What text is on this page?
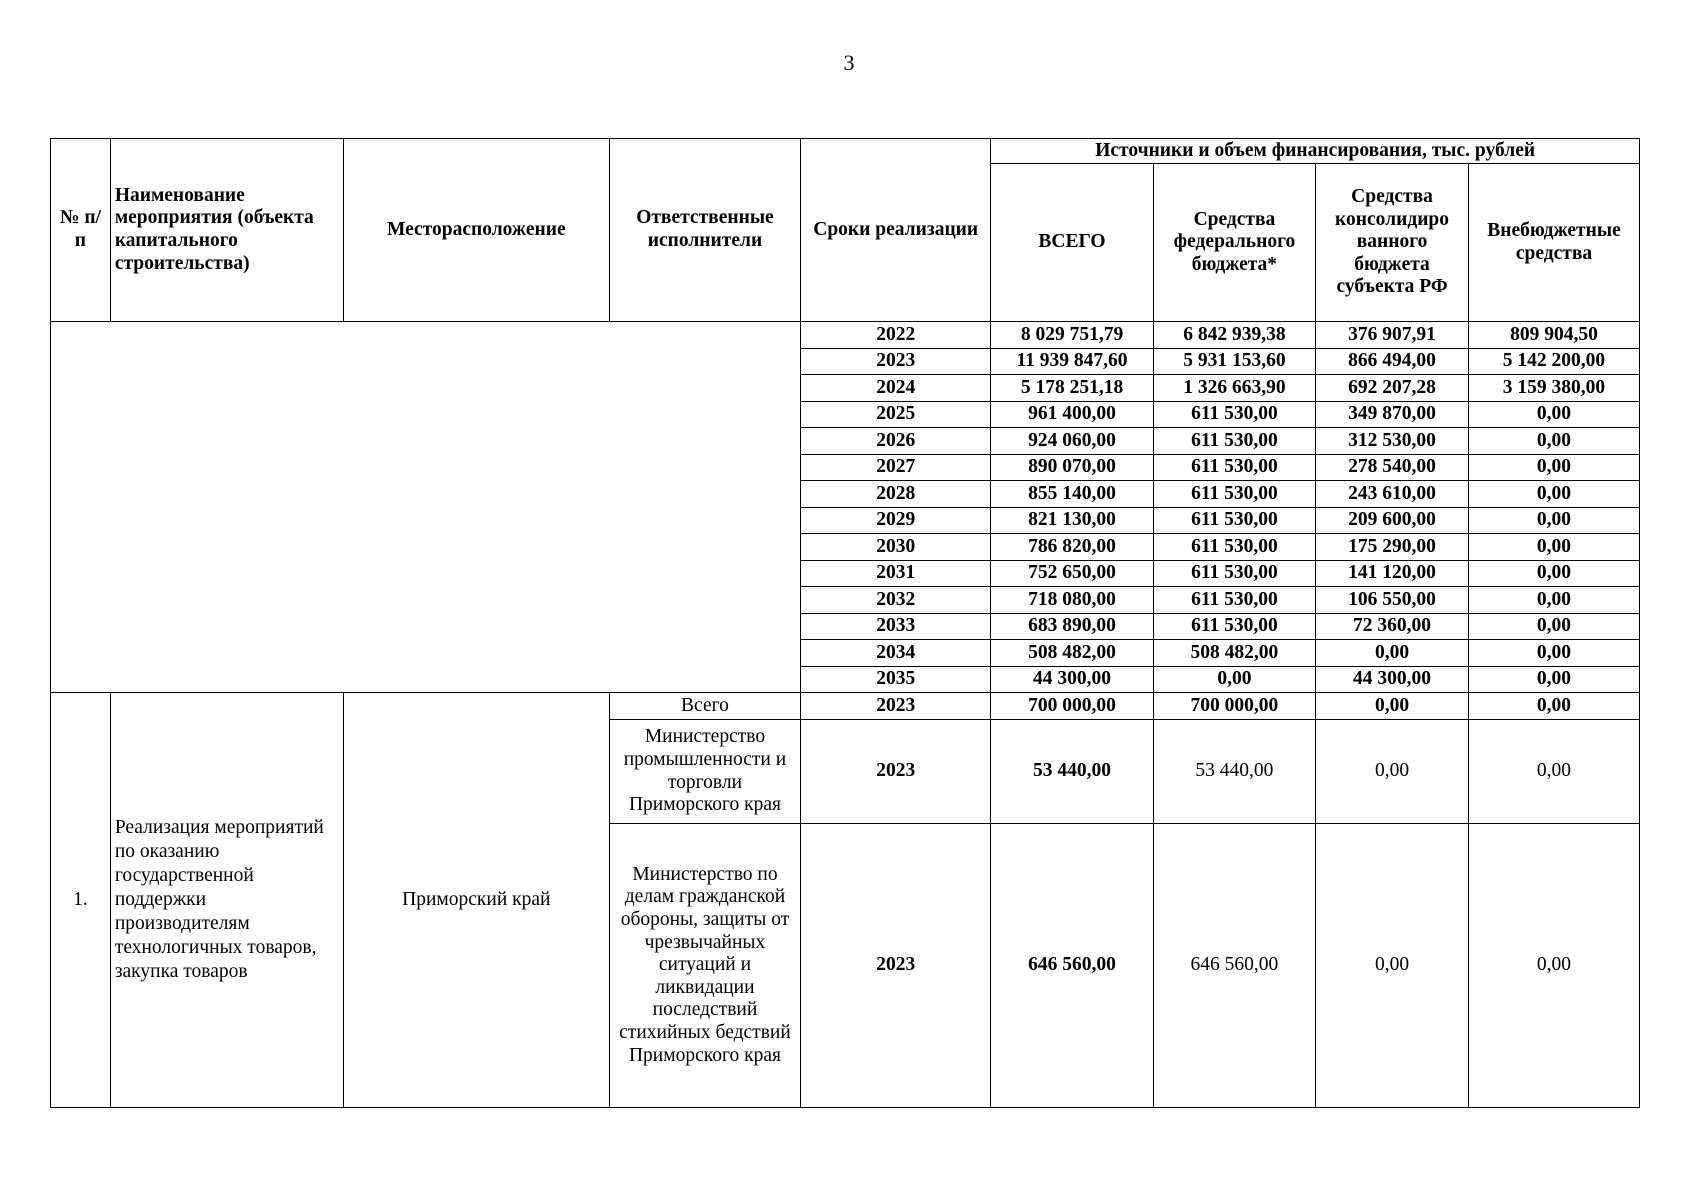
3
№ п/п	Наименование мероприятия (объекта капитального строительства)	Месторасположение	Ответственные исполнители	Сроки реализации	Источники и объем финансирования, тыс. рублей			
					ВСЕГО	Средства федерального бюджета*	Средства консолидиро ванного бюджета субъекта РФ	Внебюджетные средства
				2022	8 029 751,79	6 842 939,38	376 907,91	809 904,50
				2023	11 939 847,60	5 931 153,60	866 494,00	5 142 200,00
				2024	5 178 251,18	1 326 663,90	692 207,28	3 159 380,00
				2025	961 400,00	611 530,00	349 870,00	0,00
				2026	924 060,00	611 530,00	312 530,00	0,00
				2027	890 070,00	611 530,00	278 540,00	0,00
				2028	855 140,00	611 530,00	243 610,00	0,00
				2029	821 130,00	611 530,00	209 600,00	0,00
				2030	786 820,00	611 530,00	175 290,00	0,00
				2031	752 650,00	611 530,00	141 120,00	0,00
				2032	718 080,00	611 530,00	106 550,00	0,00
				2033	683 890,00	611 530,00	72 360,00	0,00
				2034	508 482,00	508 482,00	0,00	0,00
				2035	44 300,00	0,00	44 300,00	0,00
1.	Реализация мероприятий по оказанию государственной поддержки производителям технологичных товаров, закупка товаров	Приморский край	Всего	2023	700 000,00	700 000,00	0,00	0,00
			Министерство промышленности и торговли Приморского края	2023	53 440,00	53 440,00	0,00	0,00
			Министерство по делам гражданской обороны, защиты от чрезвычайных ситуаций и ликвидации последствий стихийных бедствий Приморского края	2023	646 560,00	646 560,00	0,00	0,00
